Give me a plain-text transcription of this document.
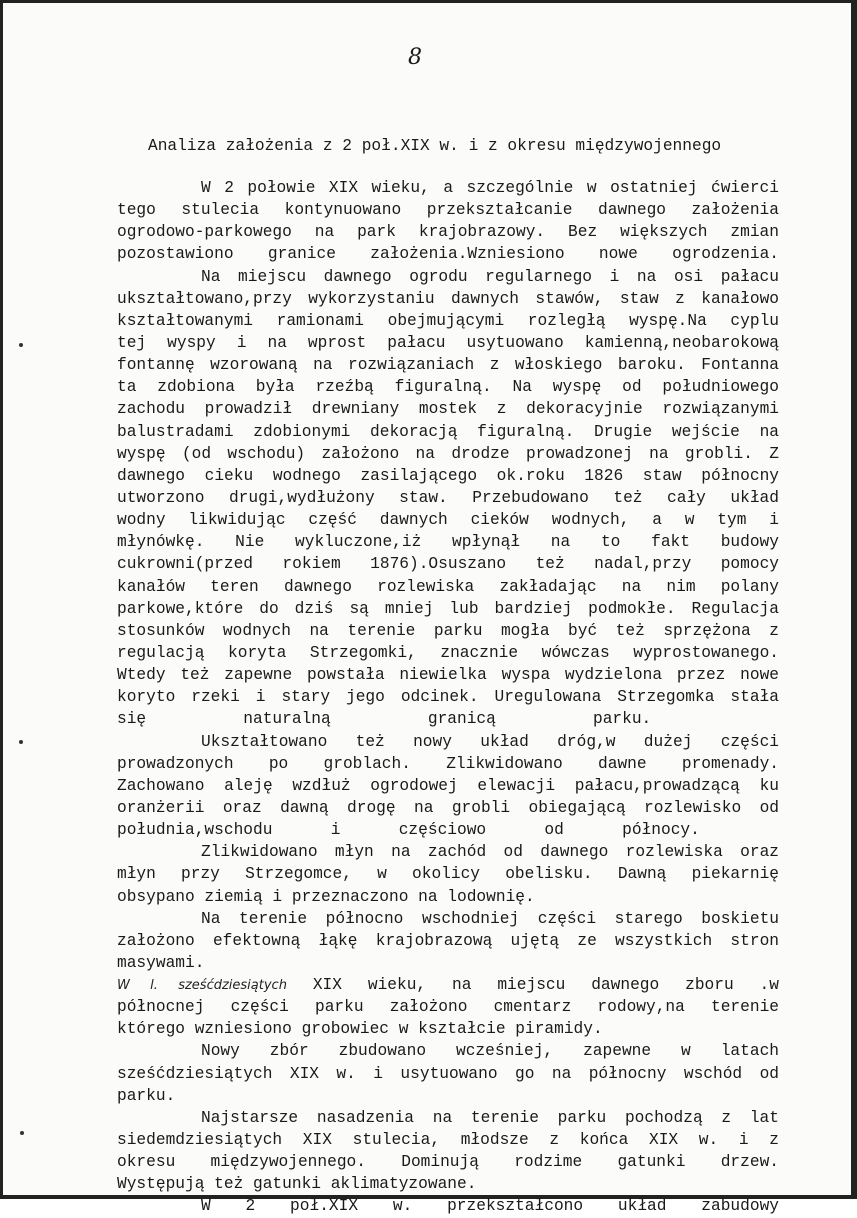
8
Analiza założenia z 2 poł.XIX w. i z okresu międzywojennego
W 2 połowie XIX wieku, a szczególnie w ostatniej ćwierci
tego stulecia kontynuowano przekształcanie dawnego założenia
ogrodowo-parkowego na park krajobrazowy. Bez większych zmian
pozostawiono granice założenia.Wzniesiono nowe ogrodzenia.
Na miejscu dawnego ogrodu regularnego i na osi pałacu
ukształtowano,przy wykorzystaniu dawnych stawów, staw z kanałowo
kształtowanymi ramionami obejmującymi rozległą wyspę.Na cyplu
tej wyspy i na wprost pałacu usytuowano kamienną,neobarokową
fontannę wzorowaną na rozwiązaniach z włoskiego baroku. Fontanna
ta zdobiona była rzeźbą figuralną. Na wyspę od południowego
zachodu prowadził drewniany mostek z dekoracyjnie rozwiązanymi
balustradami zdobionymi dekoracją figuralną. Drugie wejście na
wyspę (od wschodu) założono na drodze prowadzonej na grobli. Z
dawnego cieku wodnego zasilającego ok.roku 1826 staw północny
utworzono drugi,wydłużony staw. Przebudowano też cały układ
wodny likwidując część dawnych cieków wodnych, a w tym i
młynówkę. Nie wykluczone,iż wpłynął na to fakt budowy
cukrowni(przed rokiem 1876).Osuszano też nadal,przy pomocy
kanałów teren dawnego rozlewiska zakładając na nim polany
parkowe,które do dziś są mniej lub bardziej podmokłe. Regulacja
stosunków wodnych na terenie parku mogła być też sprzężona z
regulacją koryta Strzegomki, znacznie wówczas wyprostowanego.
Wtedy też zapewne powstała niewielka wyspa wydzielona przez nowe
koryto rzeki i stary jego odcinek. Uregulowana Strzegomka stała
się          naturalną          granicą          parku.
Ukształtowano też nowy układ dróg,w dużej części
prowadzonych po groblach. Zlikwidowano dawne promenady.
Zachowano aleję wzdłuż ogrodowej elewacji pałacu,prowadzącą ku
oranżerii oraz dawną drogę na grobli obiegającą rozlewisko od
południa,wschodu      i      częściowo      od      północy.
Zlikwidowano młyn na zachód od dawnego rozlewiska oraz
młyn przy Strzegomce, w okolicy obelisku. Dawną piekarnię
obsypano ziemią i przeznaczono na lodownię.
Na terenie północno wschodniej części starego boskietu
założono efektowną łąkę krajobrazową ujętą ze wszystkich stron
masywami.
W l. sześćdziesiątych XIX wieku, na miejscu dawnego zboru .w
północnej części parku założono cmentarz rodowy,na terenie
którego wzniesiono grobowiec w kształcie piramidy.
Nowy zbór zbudowano wcześniej, zapewne w latach
sześćdziesiątych XIX w. i usytuowano go na północny wschód od
parku.
Najstarsze nasadzenia na terenie parku pochodzą z lat
siedemdziesiątych XIX stulecia, młodsze z końca XIX w. i z
okresu międzywojennego. Dominują rodzime gatunki drzew.
Występują też gatunki aklimatyzowane.
W 2 poł.XIX w. przekształcono układ zabudowy
